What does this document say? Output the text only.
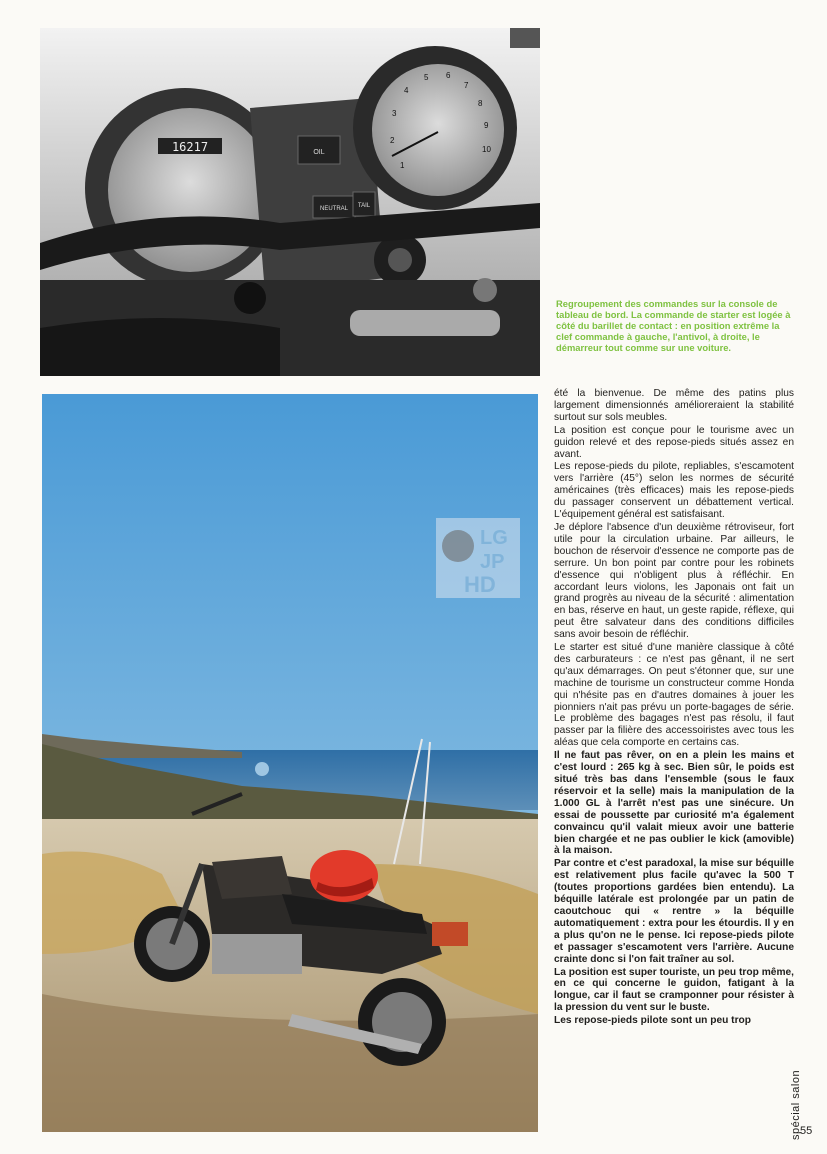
16217	OIL
NEUTRAL TAIL
1
2
3
4
5 6
7
8
9
10

Regroupement des commandes sur la console de tableau de bord. La commande de starter est logée à côté du barillet de contact : en position extrême la clef commande à gauche, l'antivol, à droite, le démarreur tout comme sur une voiture.

LG
JP
HD

été la bienvenue. De même des patins plus largement dimensionnés amélioreraient la stabilité surtout sur sols meubles.

La position est conçue pour le tourisme avec un guidon relevé et des repose-pieds situés assez en avant.

Les repose-pieds du pilote, repliables, s'escamotent vers l'arrière (45°) selon les normes de sécurité américaines (très efficaces) mais les repose-pieds du passager conservent un débattement vertical. L'équipement général est satisfaisant.

Je déplore l'absence d'un deuxième rétroviseur, fort utile pour la circulation urbaine. Par ailleurs, le bouchon de réservoir d'essence ne comporte pas de serrure. Un bon point par contre pour les robinets d'essence qui n'obligent plus à réfléchir. En accordant leurs violons, les Japonais ont fait un grand progrès au niveau de la sécurité : alimentation en bas, réserve en haut, un geste rapide, réflexe, qui peut être salvateur dans des conditions difficiles sans avoir besoin de réfléchir.

Le starter est situé d'une manière classique à côté des carburateurs : ce n'est pas gênant, il ne sert qu'aux démarrages. On peut s'étonner que, sur une machine de tourisme un constructeur comme Honda qui n'hésite pas en d'autres domaines à jouer les pionniers n'ait pas prévu un porte-bagages de série. Le problème des bagages n'est pas résolu, il faut passer par la filière des accessoiristes avec tous les aléas que cela comporte en certains cas.

Il ne faut pas rêver, on en a plein les mains et c'est lourd : 265 kg à sec. Bien sûr, le poids est situé très bas dans l'ensemble (sous le faux réservoir et la selle) mais la manipulation de la 1.000 GL à l'arrêt n'est pas une sinécure. Un essai de poussette par curiosité m'a également convaincu qu'il valait mieux avoir une batterie bien chargée et ne pas oublier le kick (amovible) à la maison.

Par contre et c'est paradoxal, la mise sur béquille est relativement plus facile qu'avec la 500 T (toutes proportions gardées bien entendu). La béquille latérale est prolongée par un patin de caoutchouc qui « rentre » la béquille automatiquement : extra pour les étourdis. Il y en a plus qu'on ne le pense. Ici repose-pieds pilote et passager s'escamotent vers l'arrière. Aucune crainte donc si l'on fait traîner au sol.

La position est super touriste, un peu trop même, en ce qui concerne le guidon, fatigant à la longue, car il faut se cramponner pour résister à la pression du vent sur le buste.

Les repose-pieds pilote sont un peu trop

spécial salon
55
